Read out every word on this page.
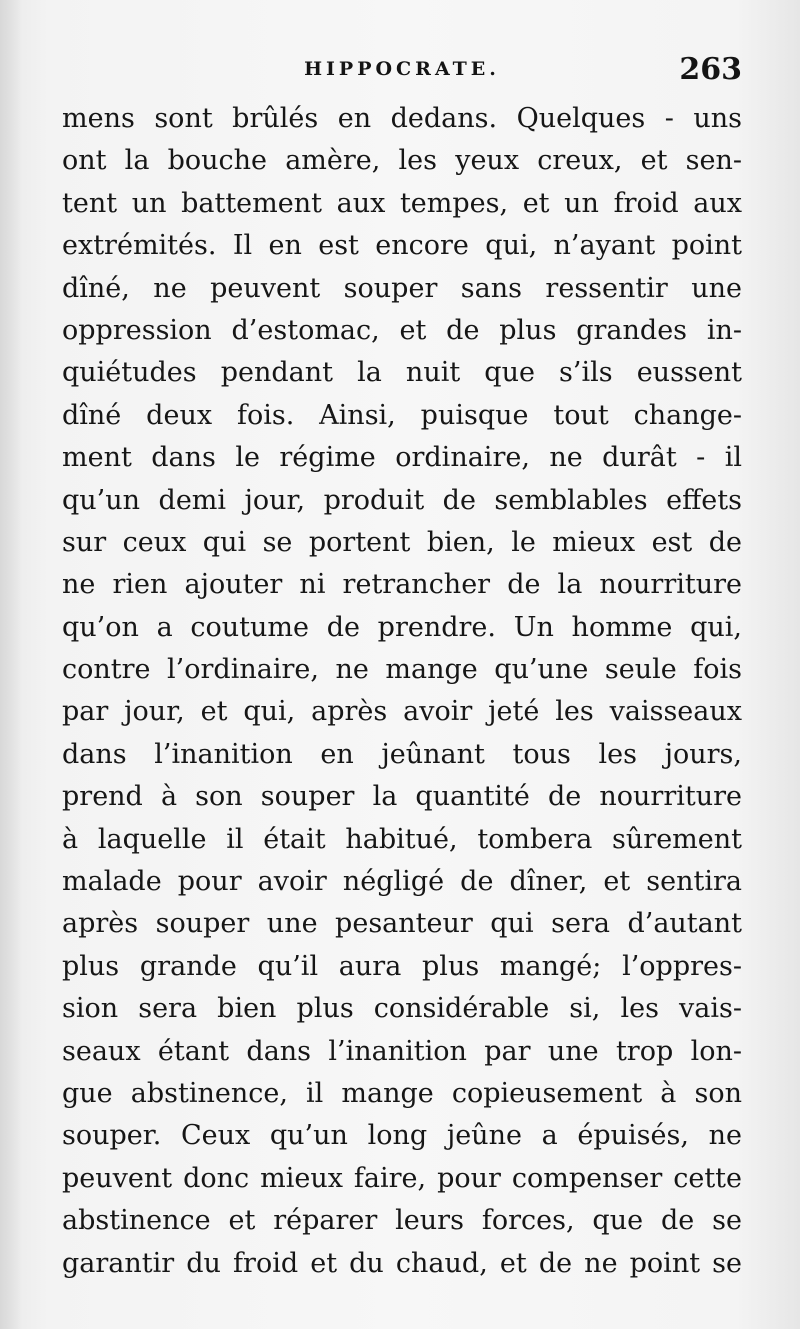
HIPPOCRATE.	263
mens sont brûlés en dedans. Quelques - uns
ont la bouche amère, les yeux creux, et sen-
tent un battement aux tempes, et un froid aux
extrémités. Il en est encore qui, n’ayant point
dîné, ne peuvent souper sans ressentir une
oppression d’estomac, et de plus grandes in-
quiétudes pendant la nuit que s’ils eussent
dîné deux fois. Ainsi, puisque tout change-
ment dans le régime ordinaire, ne durât - il
qu’un demi jour, produit de semblables effets
sur ceux qui se portent bien, le mieux est de
ne rien ajouter ni retrancher de la nourriture
qu’on a coutume de prendre. Un homme qui,
contre l’ordinaire, ne mange qu’une seule fois
par jour, et qui, après avoir jeté les vaisseaux
dans l’inanition en jeûnant tous les jours,
prend à son souper la quantité de nourriture
à laquelle il était habitué, tombera sûrement
malade pour avoir négligé de dîner, et sentira
après souper une pesanteur qui sera d’autant
plus grande qu’il aura plus mangé; l’oppres-
sion sera bien plus considérable si, les vais-
seaux étant dans l’inanition par une trop lon-
gue abstinence, il mange copieusement à son
souper. Ceux qu’un long jeûne a épuisés, ne
peuvent donc mieux faire, pour compenser cette
abstinence et réparer leurs forces, que de se
garantir du froid et du chaud, et de ne point se
